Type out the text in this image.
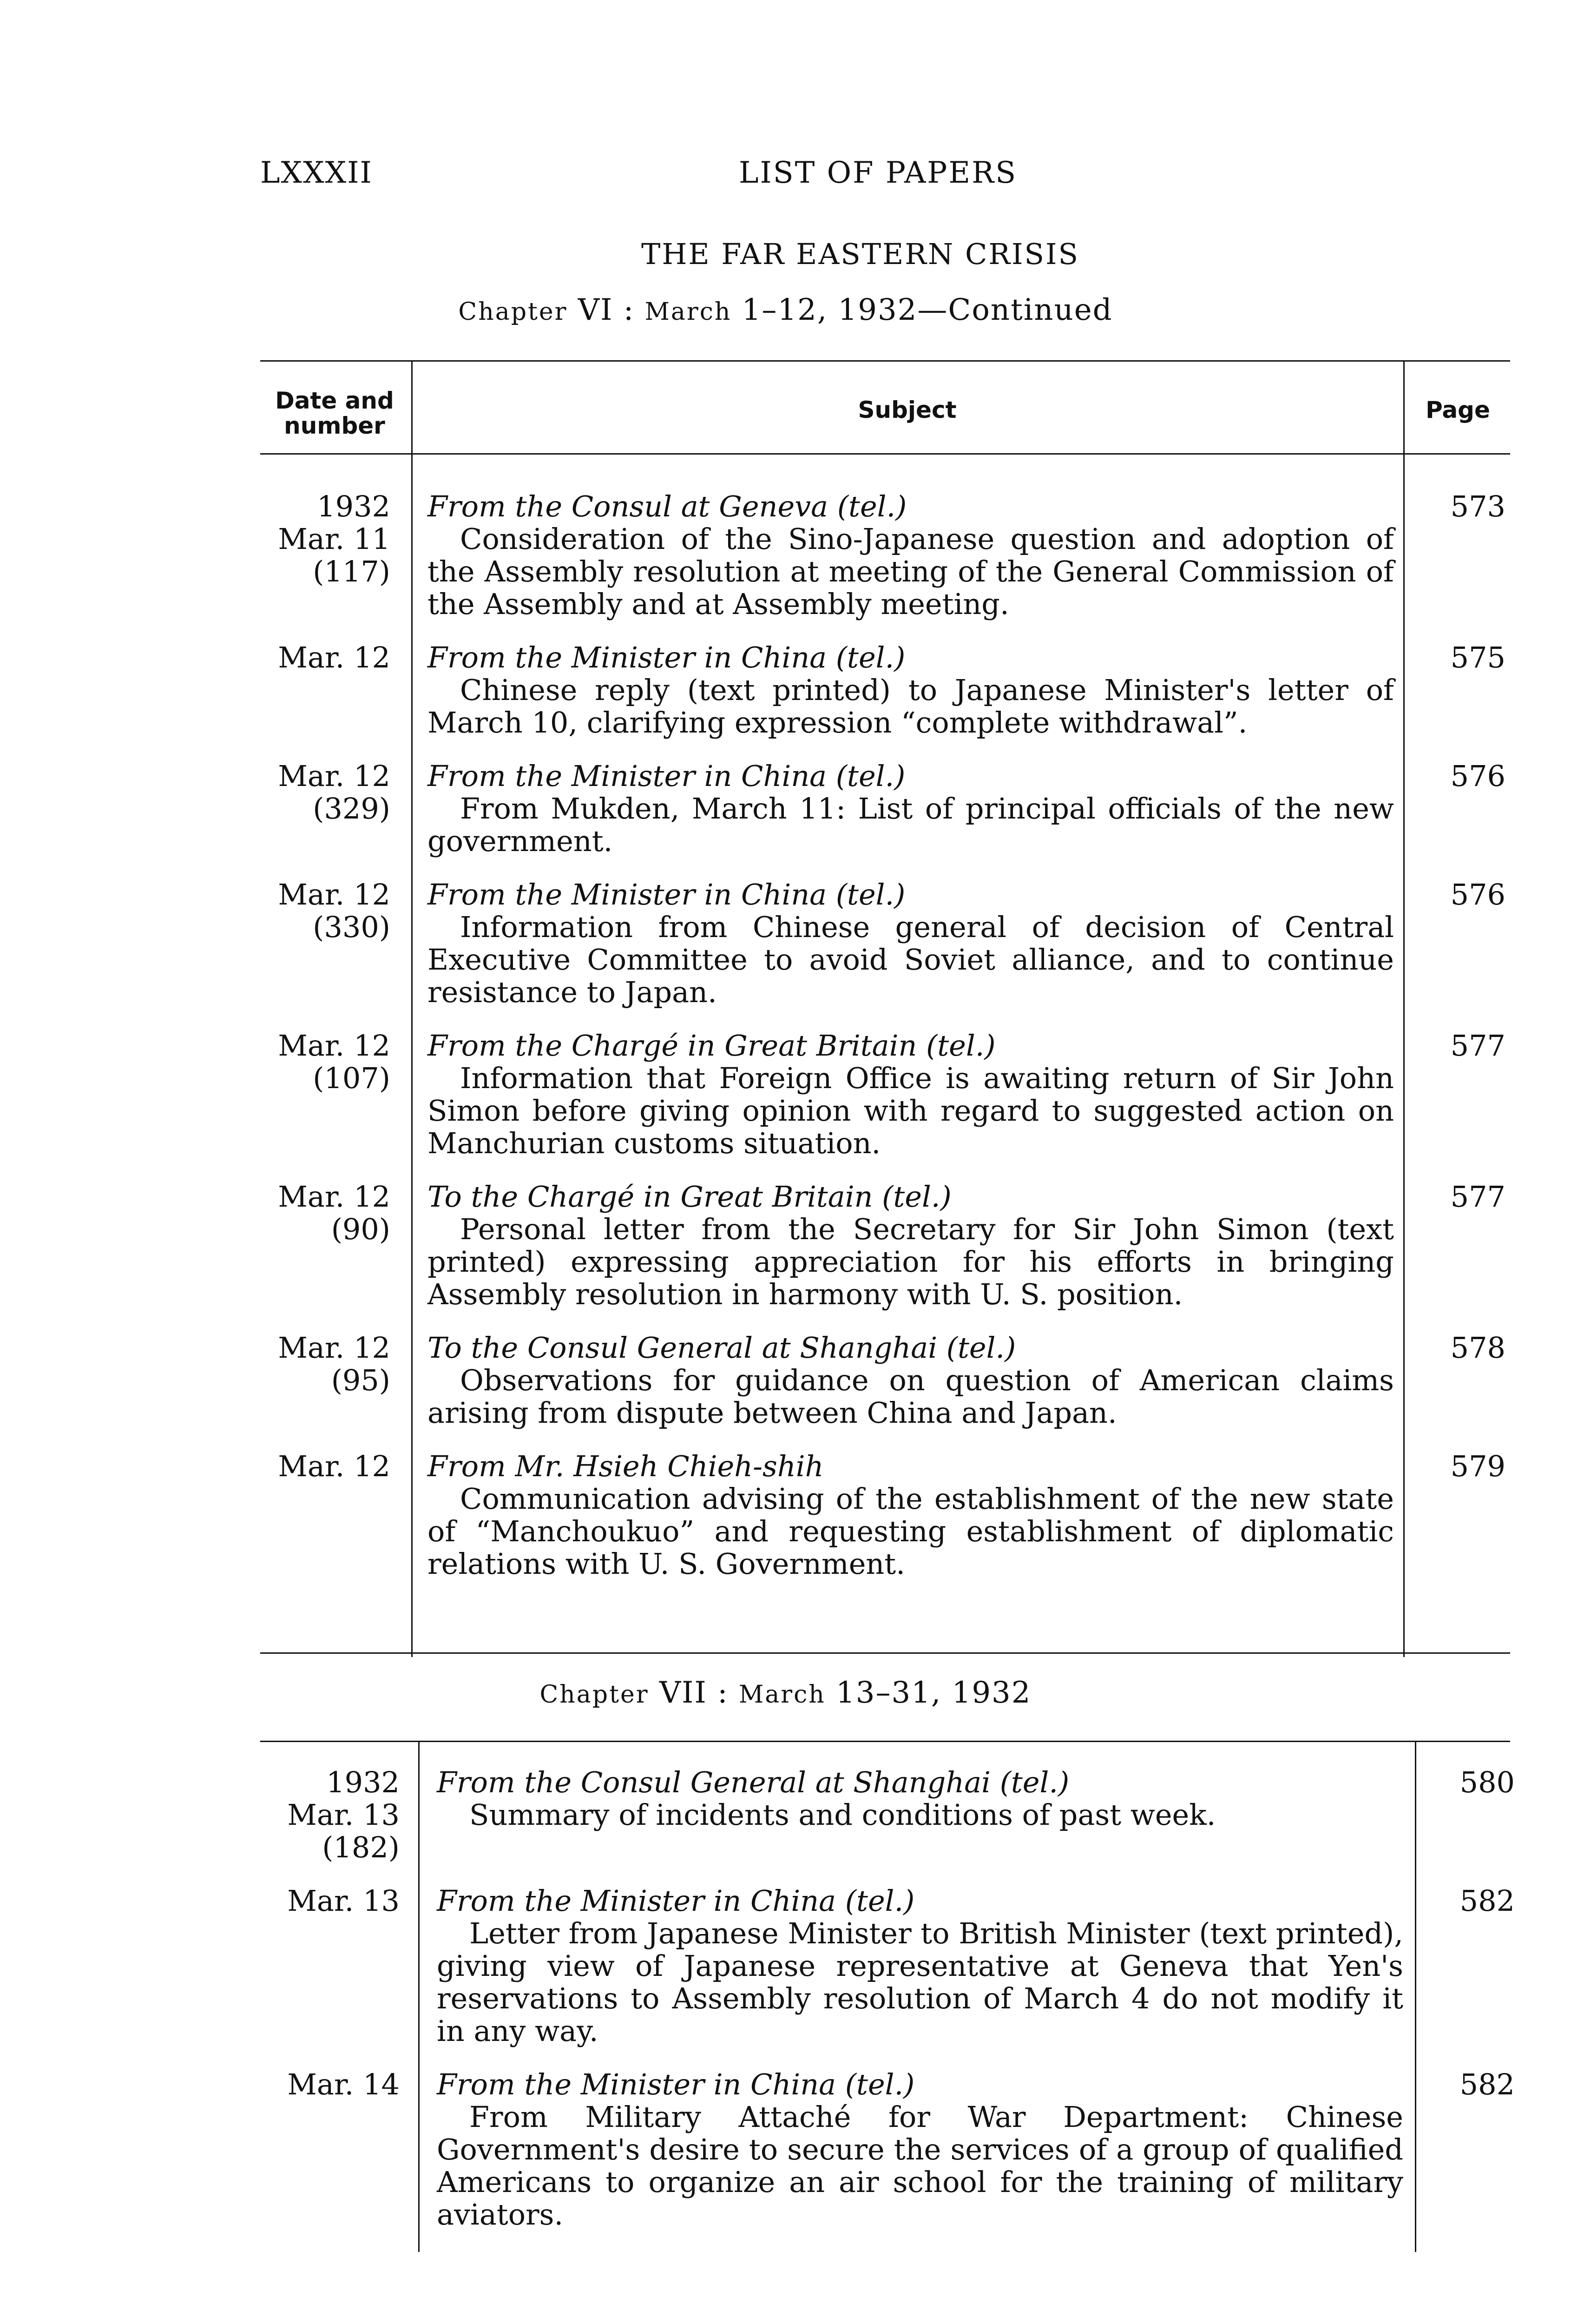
LXXXII	LIST OF PAPERS
THE FAR EASTERN CRISIS
Chapter VI : March 1–12, 1932—Continued
Date and number
Subject	Page
1932
Mar. 11
(117)
From the Consul at Geneva (tel.)
Consideration of the Sino-Japanese question and adoption of the Assembly resolution at meeting of the General Commission of the Assembly and at Assembly meeting.
573
Mar. 12 From the Minister in China (tel.)
Chinese reply (text printed) to Japanese Minister's letter of March 10, clarifying expression “complete withdrawal”.
575
Mar. 12
(329)
From the Minister in China (tel.)
From Mukden, March 11: List of principal officials of the new government.
576
Mar. 12
(330)
From the Minister in China (tel.)
Information from Chinese general of decision of Central Executive Committee to avoid Soviet alliance, and to continue resistance to Japan.
576
Mar. 12
(107)
From the Chargé in Great Britain (tel.)
Information that Foreign Office is awaiting return of Sir John Simon before giving opinion with regard to suggested action on Manchurian customs situation.
577
Mar. 12
(90)
To the Chargé in Great Britain (tel.)
Personal letter from the Secretary for Sir John Simon (text printed) expressing appreciation for his efforts in bringing Assembly resolution in harmony with U. S. position.
577
Mar. 12
(95)
To the Consul General at Shanghai (tel.)
Observations for guidance on question of American claims arising from dispute between China and Japan.
578
Mar. 12 From Mr. Hsieh Chieh-shih
Communication advising of the establishment of the new state of “Manchoukuo” and requesting establishment of diplomatic relations with U. S. Government.
579
Chapter VII : March 13–31, 1932
1932
Mar. 13
(182)
From the Consul General at Shanghai (tel.)
Summary of incidents and conditions of past week.
580
Mar. 13 From the Minister in China (tel.)
Letter from Japanese Minister to British Minister (text printed), giving view of Japanese representative at Geneva that Yen's reservations to Assembly resolution of March 4 do not modify it in any way.
582
Mar. 14 From the Minister in China (tel.)
From Military Attaché for War Department: Chinese Government's desire to secure the services of a group of qualified Americans to organize an air school for the training of military aviators.
582
